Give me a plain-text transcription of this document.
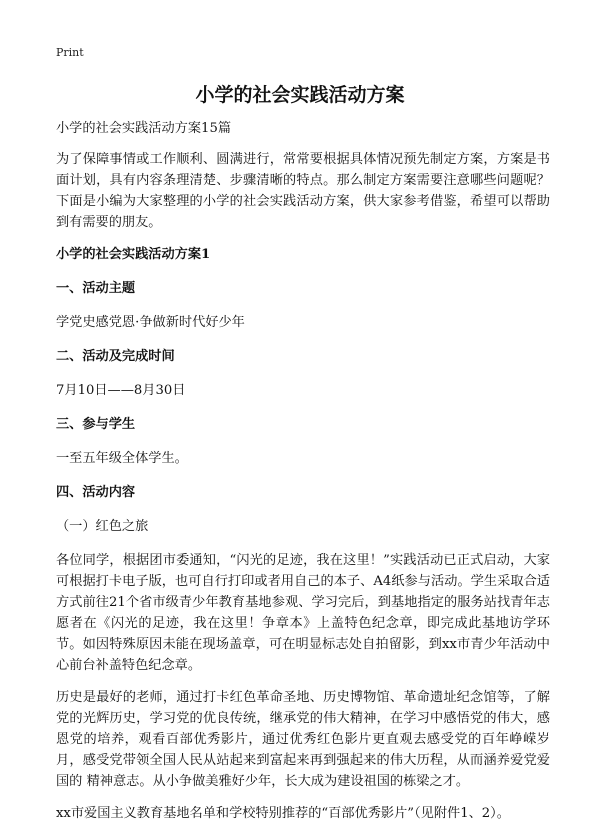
Print
小学的社会实践活动方案

小学的社会实践活动方案15篇

为了保障事情或工作顺利、圆满进行，常常要根据具体情况预先制定方案，方案是书面计划，具有内容条理清楚、步骤清晰的特点。那么制定方案需要注意哪些问题呢？下面是小编为大家整理的小学的社会实践活动方案，供大家参考借鉴，希望可以帮助到有需要的朋友。

小学的社会实践活动方案1

一、活动主题

学党史感党恩·争做新时代好少年

二、活动及完成时间

7月10日——8月30日

三、参与学生

一至五年级全体学生。

四、活动内容

（一）红色之旅

各位同学，根据团市委通知，“闪光的足迹，我在这里！”实践活动已正式启动，大家可根据打卡电子版，也可自行打印或者用自己的本子、A4纸参与活动。学生采取合适方式前往21个省市级青少年教育基地参观、学习完后，到基地指定的服务站找青年志愿者在《闪光的足迹，我在这里！争章本》上盖特色纪念章，即完成此基地访学环节。如因特殊原因未能在现场盖章，可在明显标志处自拍留影，到xx市青少年活动中心前台补盖特色纪念章。

历史是最好的老师，通过打卡红色革命圣地、历史博物馆、革命遗址纪念馆等，了解党的光辉历史，学习党的优良传统，继承党的伟大精神，在学习中感悟党的伟大，感恩党的培养，观看百部优秀影片，通过优秀红色影片更直观去感受党的百年峥嵘岁月，感受党带领全国人民从站起来到富起来再到强起来的伟大历程，从而涵养爱党爱国的 精神意志。从小争做美雅好少年，长大成为建设祖国的栋梁之才。

xx市爱国主义教育基地名单和学校特别推荐的“百部优秀影片”（见附件1、2）。
